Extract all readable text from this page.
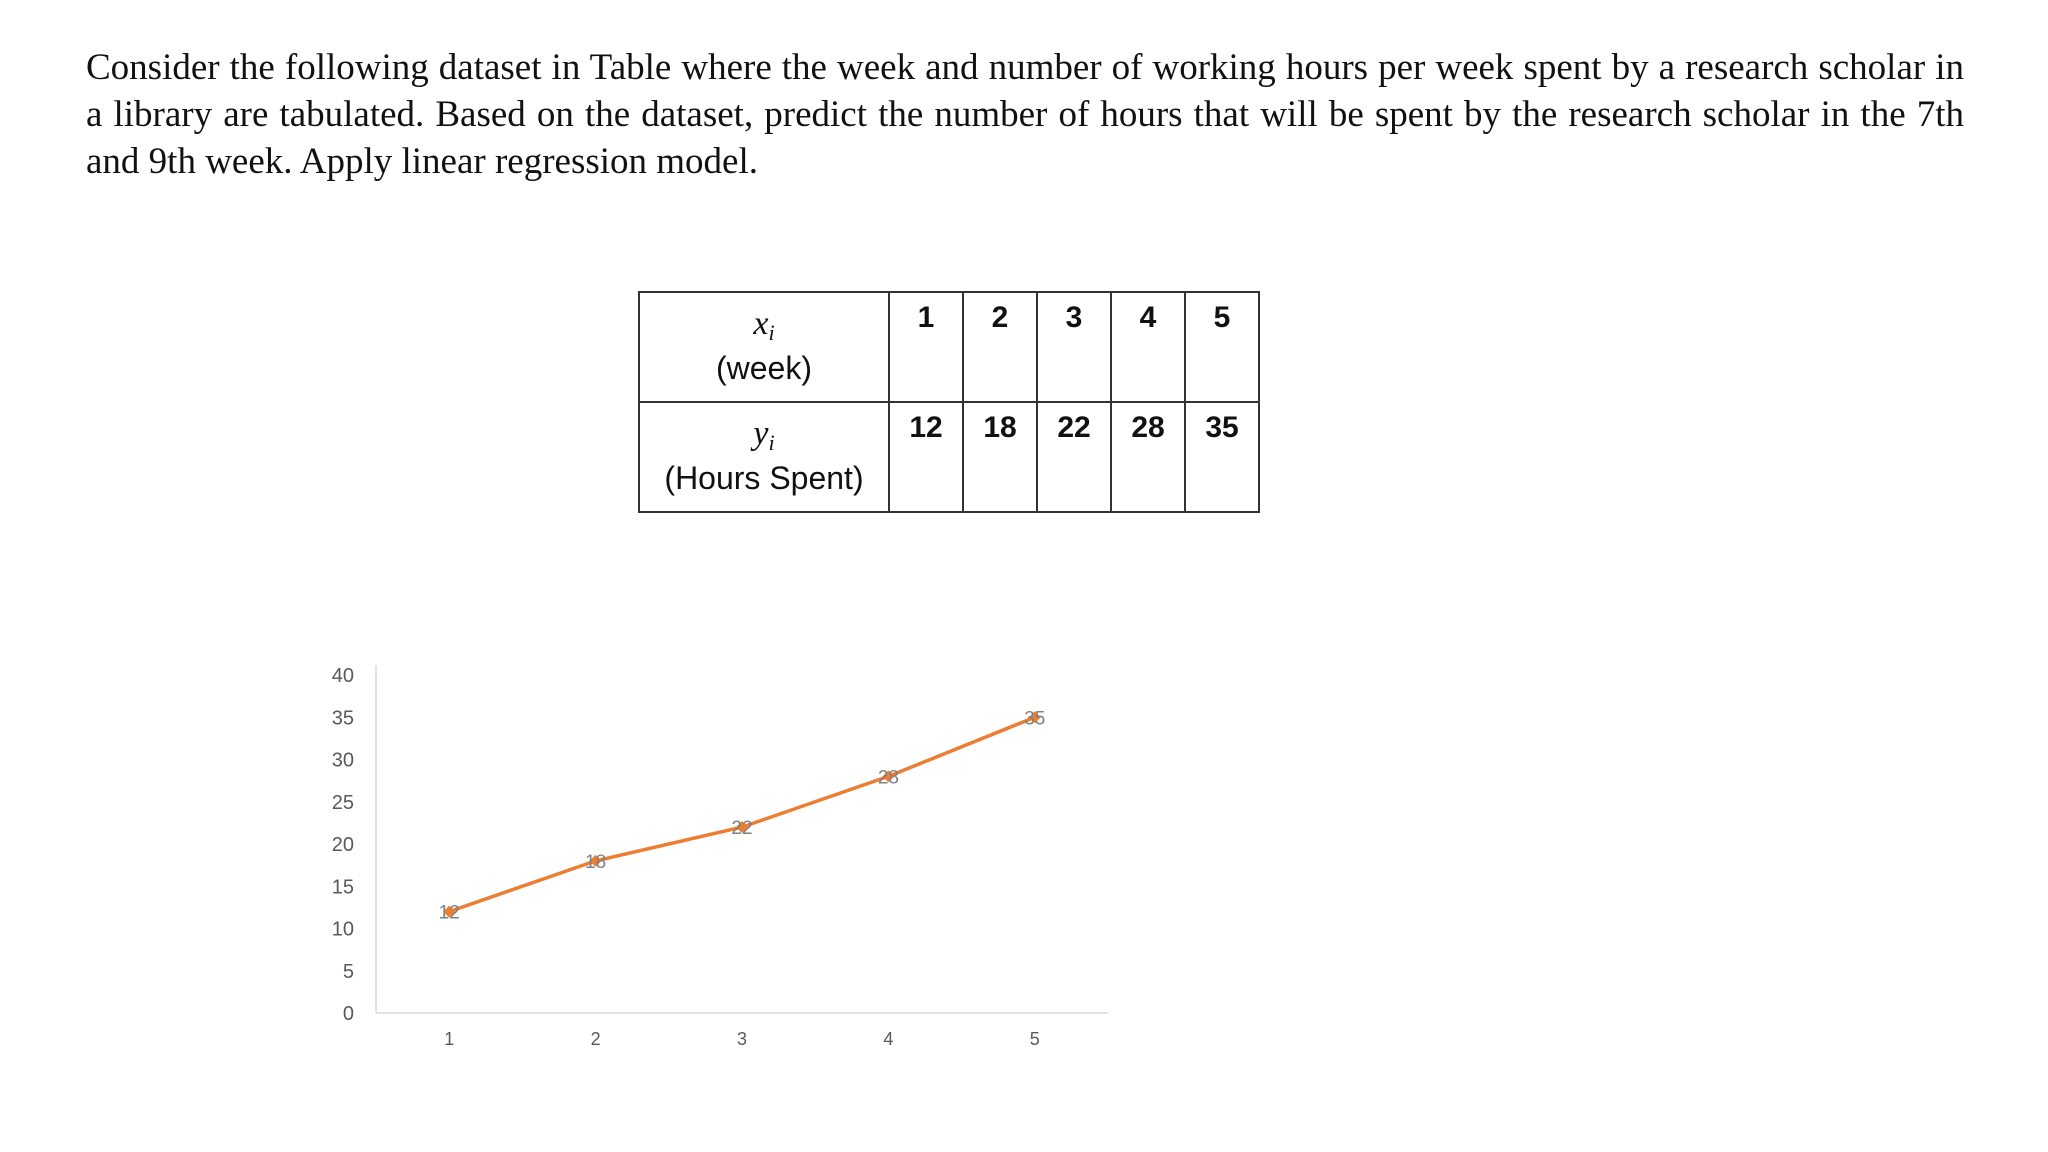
Consider the following dataset in Table where the week and number of working hours per week spent by a research scholar in a library are tabulated. Based on the dataset, predict the number of hours that will be spent by the research scholar in the 7th and 9th week. Apply linear regression model.

$x_i$
(week)	1	2	3	4	5

$y_i$
(Hours Spent)	12	18	22	28	35
0
5
10
15
20
25
30
35
40
1	2	3	4	5
12
18
22
28
35
